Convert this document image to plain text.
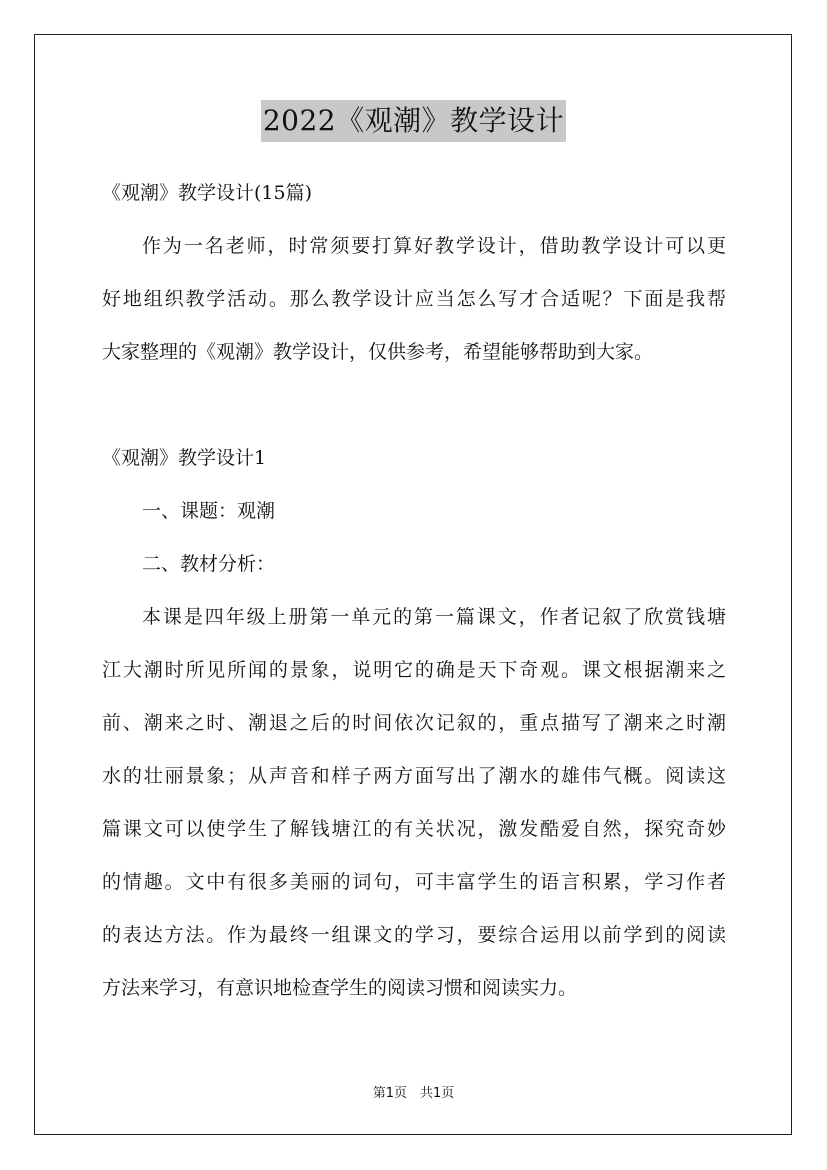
2022《观潮》教学设计
《观潮》教学设计(15篇)
作为一名老师，时常须要打算好教学设计，借助教学设计可以更
好地组织教学活动。那么教学设计应当怎么写才合适呢？下面是我帮
大家整理的《观潮》教学设计，仅供参考，希望能够帮助到大家。
《观潮》教学设计1
一、课题：观潮
二、教材分析：
本课是四年级上册第一单元的第一篇课文，作者记叙了欣赏钱塘
江大潮时所见所闻的景象，说明它的确是天下奇观。课文根据潮来之
前、潮来之时、潮退之后的时间依次记叙的，重点描写了潮来之时潮
水的壮丽景象；从声音和样子两方面写出了潮水的雄伟气概。阅读这
篇课文可以使学生了解钱塘江的有关状况，激发酷爱自然，探究奇妙
的情趣。文中有很多美丽的词句，可丰富学生的语言积累，学习作者
的表达方法。作为最终一组课文的学习，要综合运用以前学到的阅读
方法来学习，有意识地检查学生的阅读习惯和阅读实力。
第1页　共1页
